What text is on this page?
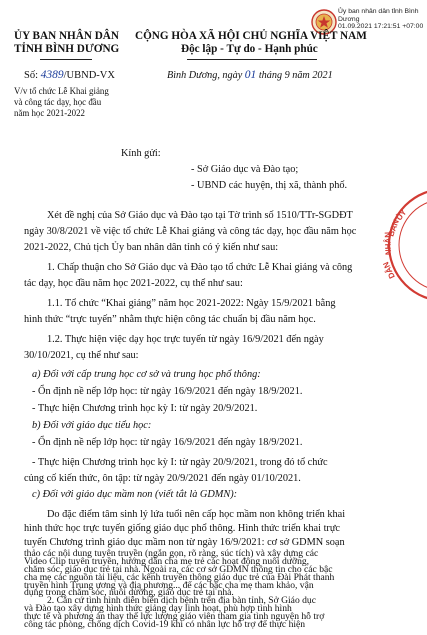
ỦY
BAN
NHÂN
DÂN
Ủy ban nhân dân tỉnh Bình Dương
01.09.2021 17:21:51 +07:00
ỦY BAN NHÂN DÂN
TỈNH BÌNH DƯƠNG
Số: 4389/UBND-VX
V/v tổ chức Lễ Khai giảng
và công tác dạy, học đầu
năm học 2021-2022
CỘNG HÒA XÃ HỘI CHỦ NGHĨA VIỆT NAM
Độc lập - Tự do - Hạnh phúc
Bình Dương, ngày 01 tháng 9 năm 2021
Kính gửi:
- Sở Giáo dục và Đào tạo;
- UBND các huyện, thị xã, thành phố.
Xét đề nghị của Sở Giáo dục và Đào tạo tại Tờ trình số 1510/TTr-SGDĐT
ngày 30/8/2021 về việc tổ chức Lễ Khai giảng và công tác dạy, học đầu năm học
2021-2022, Chủ tịch Ủy ban nhân dân tỉnh có ý kiến như sau:
1. Chấp thuận cho Sở Giáo dục và Đào tạo tổ chức Lễ Khai giảng và công
tác dạy, học đầu năm học 2021-2022, cụ thể như sau:
1.1. Tổ chức “Khai giảng” năm học 2021-2022: Ngày 15/9/2021 bằng
hình thức “trực tuyến” nhằm thực hiện công tác chuẩn bị đầu năm học.
1.2. Thực hiện việc dạy học trực tuyến từ ngày 16/9/2021 đến ngày
30/10/2021, cụ thể như sau:
a) Đối với cấp trung học cơ sở và trung học phổ thông:
- Ổn định nề nếp lớp học: từ ngày 16/9/2021 đến ngày 18/9/2021.
- Thực hiện Chương trình học kỳ I: từ ngày 20/9/2021.
b) Đối với giáo dục tiểu học:
- Ổn định nề nếp lớp học: từ ngày 16/9/2021 đến ngày 18/9/2021.
- Thực hiện Chương trình học kỳ I: từ ngày 20/9/2021, trong đó tổ chức
củng cố kiến thức, ôn tập: từ ngày 20/9/2021 đến ngày 01/10/2021.
c) Đối với giáo dục mầm non (viết tắt là GDMN):
Do đặc điểm tâm sinh lý lứa tuổi nên cấp học mầm non không triển khai
hình thức học trực tuyến giống giáo dục phổ thông. Hình thức triển khai trực
tuyến Chương trình giáo dục mầm non từ ngày 16/9/2021: cơ sở GDMN soạn
thảo các nội dung tuyên truyền (ngắn gọn, rõ ràng, súc tích) và xây dựng các
Video Clip tuyên truyền, hướng dẫn cha mẹ trẻ các hoạt động nuôi dưỡng,
chăm sóc, giáo dục trẻ tại nhà. Ngoài ra, các cơ sở GDMN thông tin cho các bậc
cha mẹ các nguồn tài liệu, các kênh truyền thông giáo dục trẻ của Đài Phát thanh
truyền hình Trung ương và địa phương... để các bậc cha mẹ tham khảo, vận
dụng trong chăm sóc, nuôi dưỡng, giáo dục trẻ tại nhà.
2. Căn cứ tình hình diễn biến dịch bệnh trên địa bàn tỉnh, Sở Giáo dục
và Đào tạo xây dựng hình thức giảng dạy linh hoạt, phù hợp tình hình
thực tế và phương án thay thế lực lượng giáo viên tham gia tình nguyện hỗ trợ
công tác phòng, chống dịch Covid-19 khi có nhân lực hỗ trợ để thực hiện
